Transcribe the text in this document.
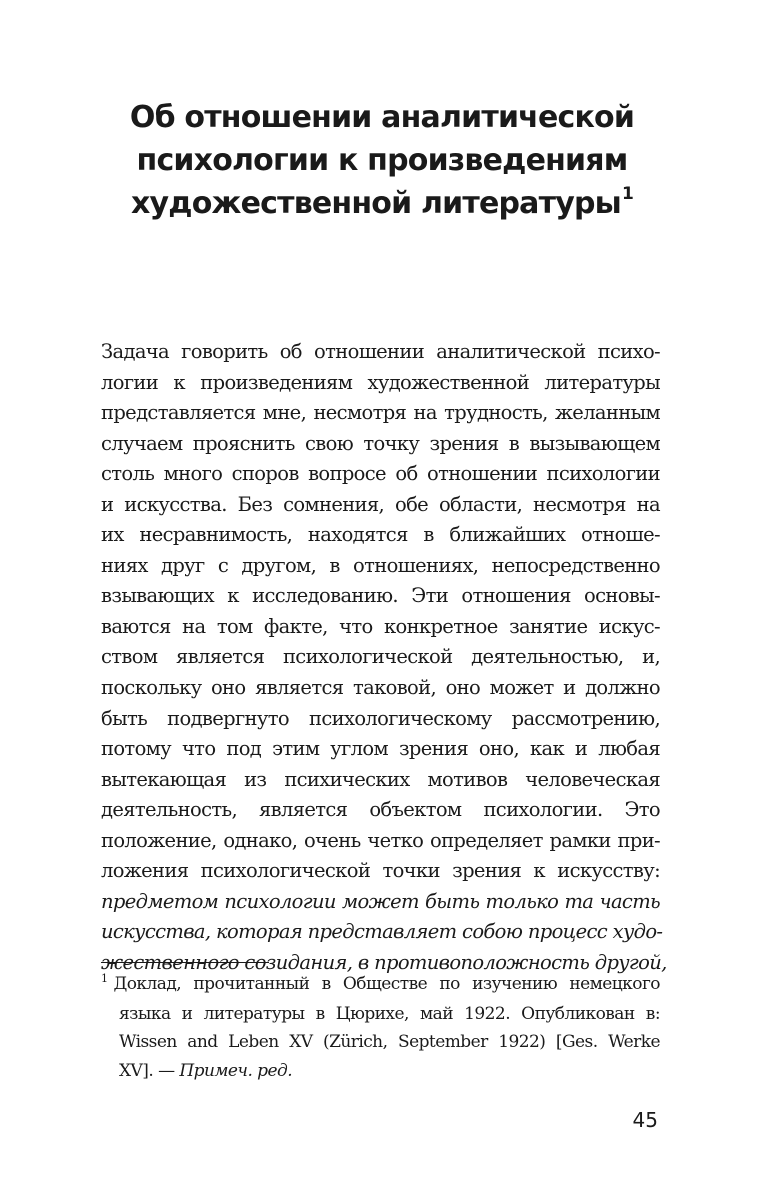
Об отношении аналитической
психологии к произведениям
художественной литературы$^1$
Задача говорить об отношении аналитической психо-
логии к произведениям художественной литературы
представляется мне, несмотря на трудность, желанным
случаем прояснить свою точку зрения в вызывающем
столь много споров вопросе об отношении психологии
и искусства. Без сомнения, обе области, несмотря на
их несравнимость, находятся в ближайших отноше-
ниях друг с другом, в отношениях, непосредственно
взывающих к исследованию. Эти отношения основы-
ваются на том факте, что конкретное занятие искус-
ством является психологической деятельностью, и,
поскольку оно является таковой, оно может и должно
быть подвергнуто психологическому рассмотрению,
потому что под этим углом зрения оно, как и любая
вытекающая из психических мотивов человеческая
деятельность, является объектом психологии. Это
положение, однако, очень четко определяет рамки при-
ложения психологической точки зрения к искусству:
предметом психологии может быть только та часть
искусства, которая представляет собою процесс худо-
жественного созидания, в противоположность другой,
$^1$ Доклад, прочитанный в Обществе по изучению немецкого
языка и литературы в Цюрихе, май 1922. Опубликован в:
Wissen and Leben XV (Zürich, September 1922) [Ges. Werke
XV]. — Примеч. ред.
45
